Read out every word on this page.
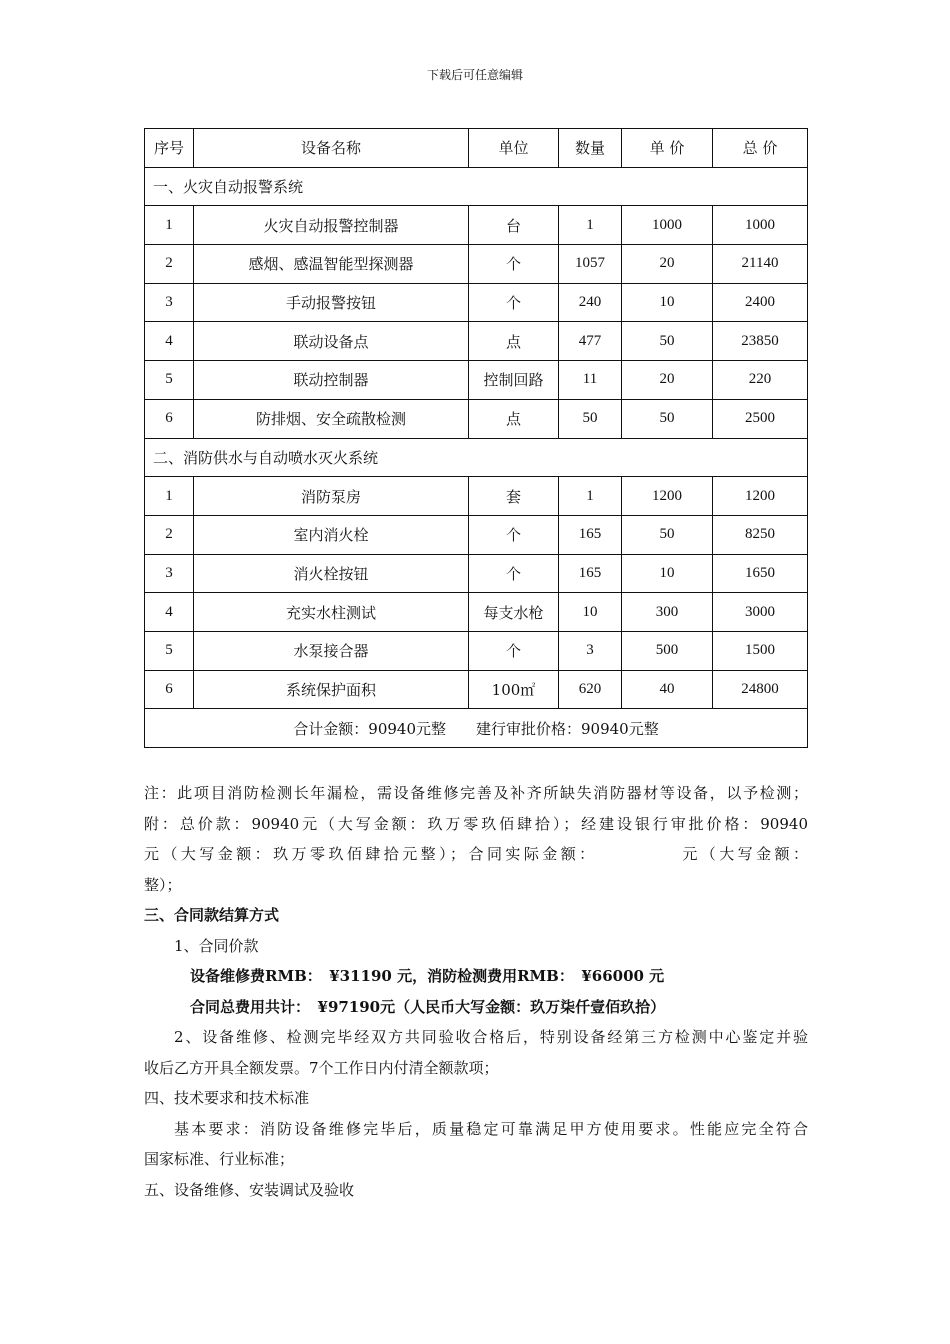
下载后可任意编辑
序号	设备名称	单位	数量	单 价	总 价
一、火灾自动报警系统					
1	火灾自动报警控制器	台	1	1000	1000
2	感烟、感温智能型探测器	个	1057	20	21140
3	手动报警按钮	个	240	10	2400
4	联动设备点	点	477	50	23850
5	联动控制器	控制回路	11	20	220
6	防排烟、安全疏散检测	点	50	50	2500
二、消防供水与自动喷水灭火系统					
1	消防泵房	套	1	1200	1200
2	室内消火栓	个	165	50	8250
3	消火栓按钮	个	165	10	1650
4	充实水柱测试	每支水枪	10	300	3000
5	水泵接合器	个	3	500	1500
6	系统保护面积	100㎡	620	40	24800
合计金额：90940元整　　建行审批价格：90940元整					

注：此项目消防检测长年漏检，需设备维修完善及补齐所缺失消防器材等设备，以予检测；

附：总价款：90940元（大写金额：玖万零玖佰肆拾）；经建设银行审批价格：90940

元（大写金额：玖万零玖佰肆拾元整）；合同实际金额：　　　　　元（大写金额：

整）；

三、合同款结算方式

1、合同价款

设备维修费RMB：　¥31190 元，消防检测费用RMB：　¥66000 元

合同总费用共计：　¥97190元（人民币大写金额：玖万柒仟壹佰玖拾）

2、设备维修、检测完毕经双方共同验收合格后，特别设备经第三方检测中心鉴定并验

收后乙方开具全额发票。7个工作日内付清全额款项；

四、技术要求和技术标准

基本要求：消防设备维修完毕后，质量稳定可靠满足甲方使用要求。性能应完全符合

国家标准、行业标准；

五、设备维修、安装调试及验收
